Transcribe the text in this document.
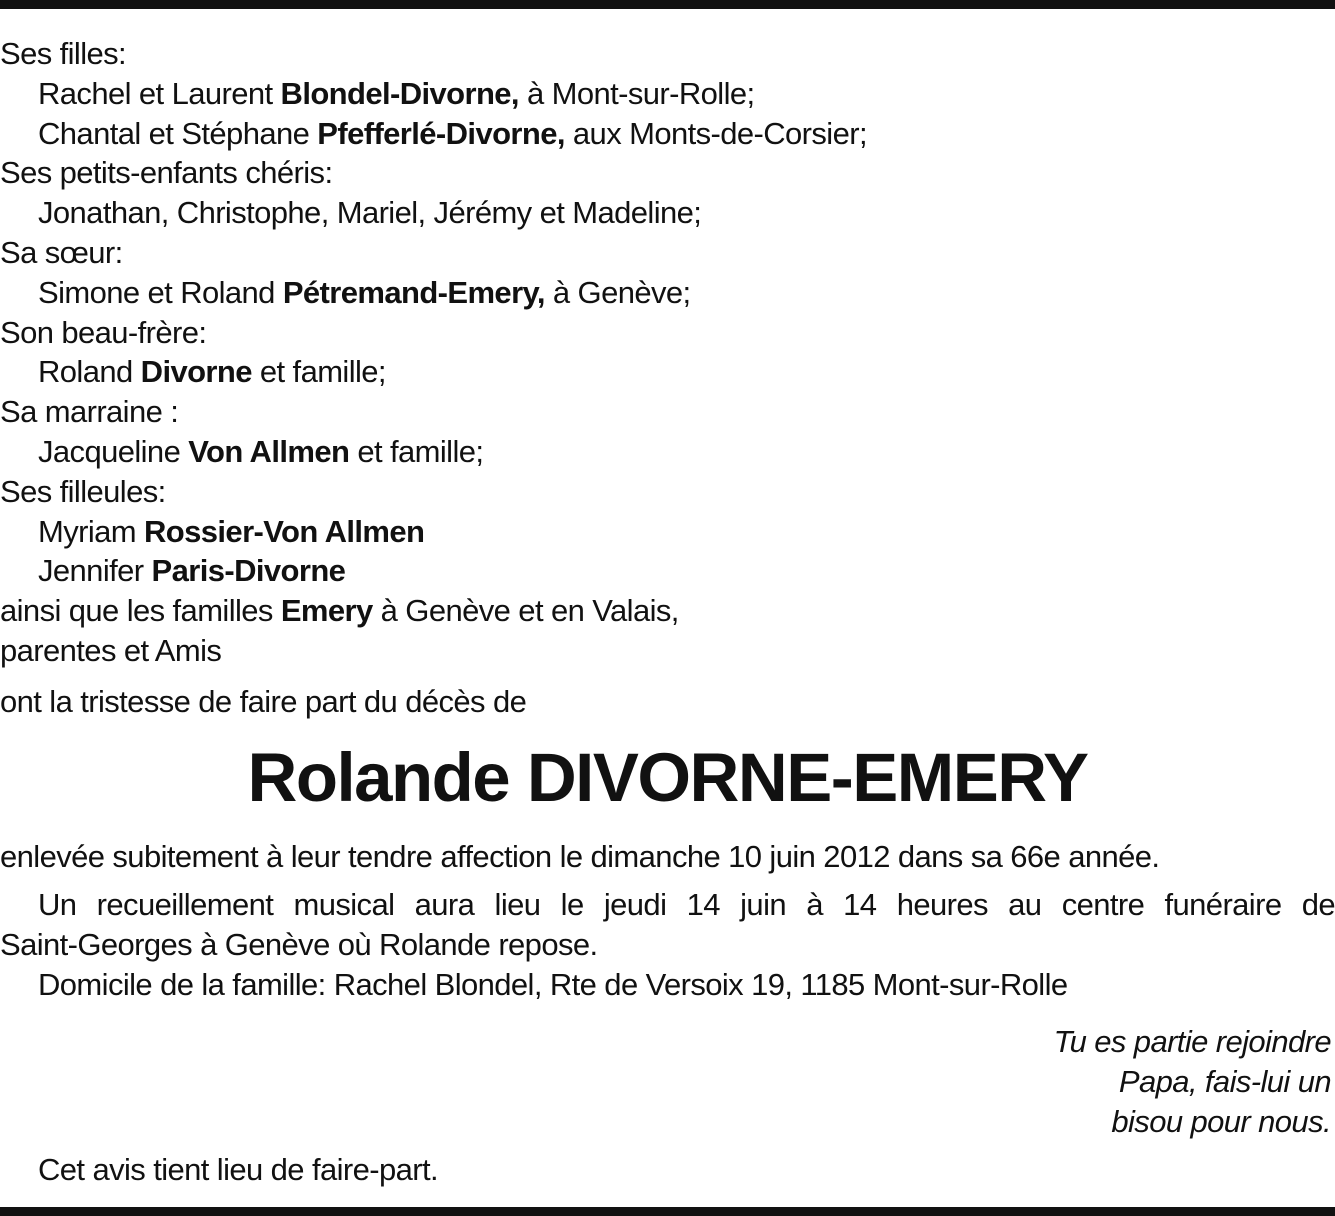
Ses filles:
Rachel et Laurent Blondel-Divorne, à Mont-sur-Rolle;
Chantal et Stéphane Pfefferlé-Divorne, aux Monts-de-Corsier;
Ses petits-enfants chéris:
Jonathan, Christophe, Mariel, Jérémy et Madeline;
Sa sœur:
Simone et Roland Pétremand-Emery, à Genève;
Son beau-frère:
Roland Divorne et famille;
Sa marraine :
Jacqueline Von Allmen et famille;
Ses filleules:
Myriam Rossier-Von Allmen
Jennifer Paris-Divorne
ainsi que les familles Emery à Genève et en Valais,
parentes et Amis
ont la tristesse de faire part du décès de
Rolande DIVORNE-EMERY
enlevée subitement à leur tendre affection le dimanche 10 juin 2012 dans sa 66e année.
Un recueillement musical aura lieu le jeudi 14 juin à 14 heures au centre funéraire de
Saint-Georges à Genève où Rolande repose.
Domicile de la famille: Rachel Blondel, Rte de Versoix 19, 1185 Mont-sur-Rolle
Tu es partie rejoindre
Papa, fais-lui un
bisou pour nous.
Cet avis tient lieu de faire-part.
